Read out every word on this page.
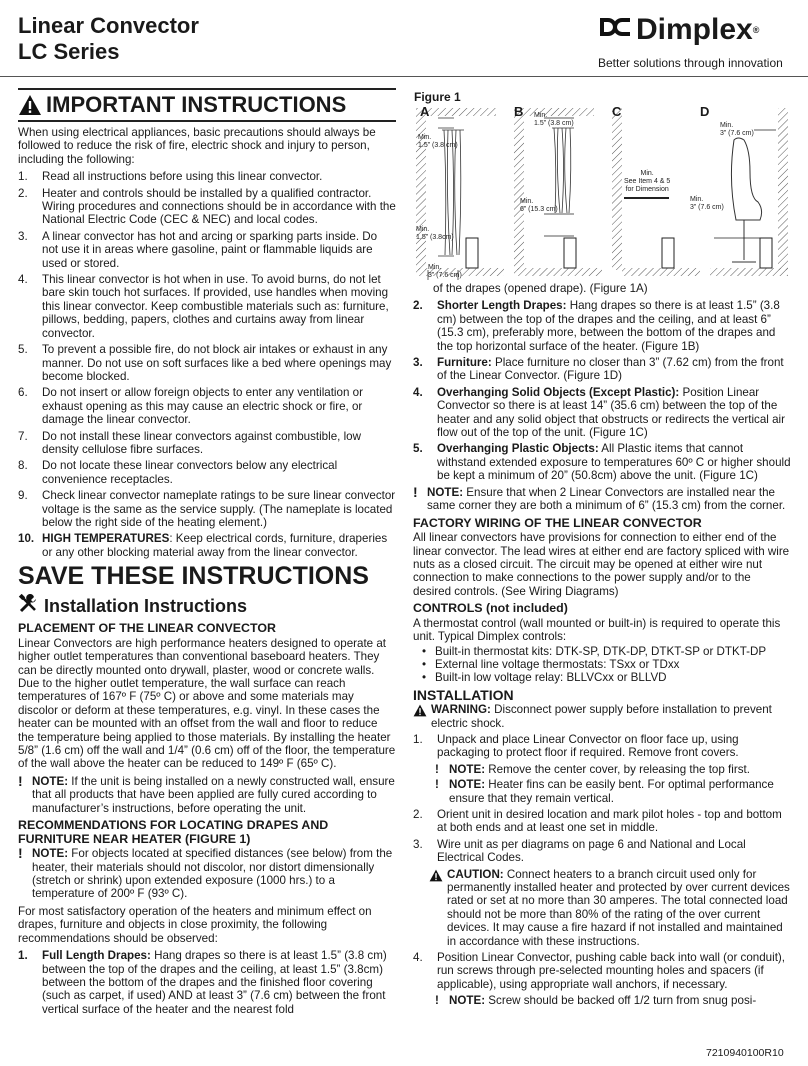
Linear Convector
LC Series
Dimplex®
Better solutions through innovation
IMPORTANT INSTRUCTIONS

When using electrical appliances, basic precautions should always be followed to reduce the risk of fire, electric shock and injury to person, including the following:

1.	Read all instructions before using this linear convector.
2.	Heater and controls should be installed by a qualified contractor. Wiring procedures and connections should be in accordance with the National Electric Code (CEC & NEC) and local codes.
3.	A linear convector has hot and arcing or sparking parts inside. Do not use it in areas where gasoline, paint or flammable liquids are used or stored.
4.	This linear convector is hot when in use. To avoid burns, do not let bare skin touch hot surfaces. If provided, use handles when moving this linear convector. Keep combustible materials such as: furniture, pillows, bedding, papers, clothes and curtains away from linear convector.
5.	To prevent a possible fire, do not block air intakes or exhaust in any manner. Do not use on soft surfaces like a bed where openings may become blocked.
6.	Do not insert or allow foreign objects to enter any ventilation or exhaust opening as this may cause an electric shock or fire, or damage the linear convector.
7.	Do not install these linear convectors against combustible, low density cellulose fibre surfaces.
8.	Do not locate these linear convectors below any electrical convenience receptacles.
9.	Check linear convector nameplate ratings to be sure linear convector voltage is the same as the service supply. (The nameplate is located below the right side of the heating element.)
10. HIGH TEMPERATURES: Keep electrical cords, furniture, draperies or any other blocking material away from the linear convector.
SAVE THESE INSTRUCTIONS
Installation Instructions
PLACEMENT OF THE LINEAR CONVECTOR

Linear Convectors are high performance heaters designed to operate at higher outlet temperatures than conventional baseboard heaters. They can be directly mounted onto drywall, plaster, wood or concrete walls. Due to the higher outlet temperature, the wall surface can reach temperatures of 167º F (75º C) or above and some materials may discolor or deform at these temperatures, e.g. vinyl. In these cases the heater can be mounted with an offset from the wall and floor to reduce the temperature being applied to those materials. By installing the heater 5/8” (1.6 cm) off the wall and 1/4” (0.6 cm) off of the floor, the temperature of the wall above the heater can be reduced to 149º F (65º C).

! NOTE: If the unit is being installed on a newly constructed wall, ensure that all products that have been applied are fully cured according to manufacturer’s instructions, before operating the unit.
RECOMMENDATIONS FOR LOCATING DRAPES AND FURNITURE NEAR HEATER (FIGURE 1)
! NOTE: For objects located at specified distances (see below) from the heater, their materials should not discolor, nor distort dimensionally (stretch or shrink) upon extended exposure (1000 hrs.) to a temperature of 200º F (93º C).

For most satisfactory operation of the heaters and minimum effect on drapes, furniture and objects in close proximity, the following recommendations should be observed:

1.	Full Length Drapes: Hang drapes so there is at least 1.5” (3.8 cm) between the top of the drapes and the ceiling, at least 1.5” (3.8cm) between the bottom of the drapes and the finished floor covering (such as carpet, if used) AND at least 3” (7.6 cm) between the front vertical surface of the heater and the nearest fold
Figure 1
A	B	C	D
Min.
1.5” (3.8 cm)
Min.
1.5” (3.8cm)
Min.
3” (7.6 cm)
Min.
1.5” (3.8 cm)
Min.
6” (15.3 cm)
Min.
See Item 4 & 5
for Dimension
Min.
3” (7.6 cm)
Min.
3” (7.6 cm)

of the drapes (opened drape). (Figure 1A)

2.	Shorter Length Drapes: Hang drapes so there is at least 1.5” (3.8 cm) between the top of the drapes and the ceiling, and at least 6” (15.3 cm), preferably more, between the bottom of the drapes and the top horizontal surface of the heater. (Figure 1B)
3.	Furniture: Place furniture no closer than 3” (7.62 cm) from the front of the Linear Convector. (Figure 1D)
4.	Overhanging Solid Objects (Except Plastic): Position Linear Convector so there is at least 14” (35.6 cm) between the top of the heater and any solid object that obstructs or redirects the vertical air flow out of the top of the unit. (Figure 1C)
5.	Overhanging Plastic Objects: All Plastic items that cannot withstand extended exposure to temperatures 60º C or higher should be kept a minimum of 20” (50.8cm) above the unit. (Figure 1C)
! NOTE: Ensure that when 2 Linear Convectors are installed near the same corner they are both a minimum of 6” (15.3 cm) from the corner.
FACTORY WIRING OF THE LINEAR CONVECTOR

All linear convectors have provisions for connection to either end of the linear convector. The lead wires at either end are factory spliced with wire nuts as a closed circuit. The circuit may be opened at either wire nut connection to make connections to the power supply and/or to the desired controls. (See Wiring Diagrams)

CONTROLS (not included)

A thermostat control (wall mounted or built-in) is required to operate this unit. Typical Dimplex controls:

• Built-in thermostat kits: DTK-SP, DTK-DP, DTKT-SP or DTKT-DP
• External line voltage thermostats: TSxx or TDxx
• Built-in low voltage relay: BLLVCxx or BLLVD
INSTALLATION
WARNING: Disconnect power supply before installation to prevent electric shock.
1.	Unpack and place Linear Convector on floor face up, using packaging to protect floor if required. Remove front covers.
! NOTE: Remove the center cover, by releasing the top first.
! NOTE: Heater fins can be easily bent. For optimal performance ensure that they remain vertical.
2.	Orient unit in desired location and mark pilot holes - top and bottom at both ends and at least one set in middle.
3.	Wire unit as per diagrams on page 6 and National and Local Electrical Codes.
CAUTION: Connect heaters to a branch circuit used only for permanently installed heater and protected by over current devices rated or set at no more than 30 amperes. The total connected load should not be more than 80% of the rating of the over current devices. It may cause a fire hazard if not installed and maintained in accordance with these instructions.
4.	Position Linear Convector, pushing cable back into wall (or conduit), run screws through pre-selected mounting holes and spacers (if applicable), using appropriate wall anchors, if necessary.
! NOTE: Screw should be backed off 1/2 turn from snug posi-
7210940100R10
